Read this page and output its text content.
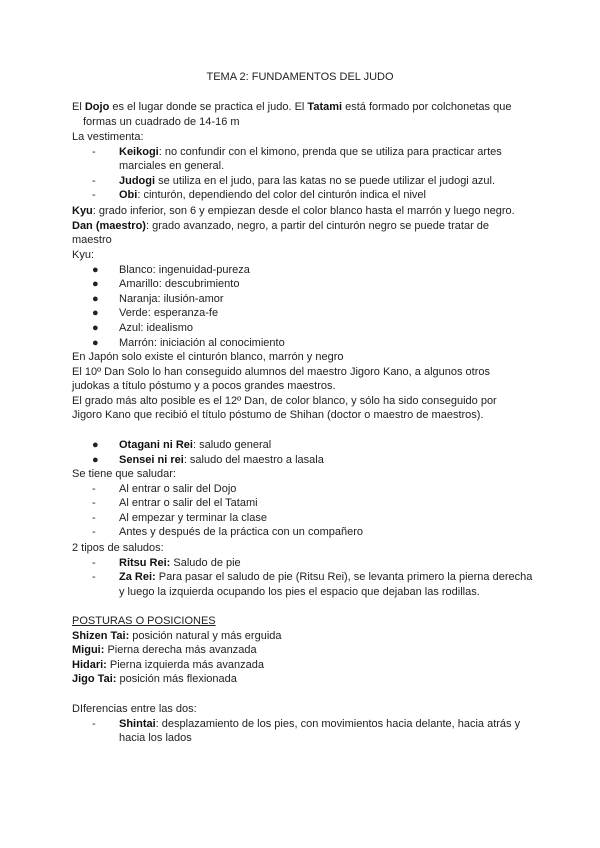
TEMA 2: FUNDAMENTOS DEL JUDO
El Dojo es el lugar donde se practica el judo. El Tatami está formado por colchonetas que
formas un cuadrado de 14-16 m
La vestimenta:
- Keikogi: no confundir con el kimono, prenda que se utiliza para practicar artes
marciales en general.
- Judogi se utiliza en el judo, para las katas no se puede utilizar el judogi azul.
- Obi: cinturón, dependiendo del color del cinturón indica el nivel
Kyu: grado inferior, son 6 y empiezan desde el color blanco hasta el marrón y luego negro.
Dan (maestro): grado avanzado, negro, a partir del cinturón negro se puede tratar de
maestro
Kyu:
● Blanco: ingenuidad-pureza
● Amarillo: descubrimiento
● Naranja: ilusión-amor
● Verde: esperanza-fe
● Azul: idealismo
● Marrón: iniciación al conocimiento
En Japón solo existe el cinturón blanco, marrón y negro
El 10º Dan Solo lo han conseguido alumnos del maestro Jigoro Kano, a algunos otros
judokas a título póstumo y a pocos grandes maestros.
El grado más alto posible es el 12º Dan, de color blanco, y sólo ha sido conseguido por
Jigoro Kano que recibió el título póstumo de Shihan (doctor o maestro de maestros).
● Otagani ni Rei: saludo general
● Sensei ni rei: saludo del maestro a lasala
Se tiene que saludar:
- Al entrar o salir del Dojo
- Al entrar o salir del el Tatami
- Al empezar y terminar la clase
- Antes y después de la práctica con un compañero
2 tipos de saludos:
- Ritsu Rei: Saludo de pie
- Za Rei: Para pasar el saludo de pie (Ritsu Rei), se levanta primero la pierna derecha
y luego la izquierda ocupando los pies el espacio que dejaban las rodillas.
POSTURAS O POSICIONES
Shizen Tai: posición natural y más erguida
Migui: Pierna derecha más avanzada
Hidari: Pierna izquierda más avanzada
Jigo Tai: posición más flexionada
DIferencias entre las dos:
- Shintai: desplazamiento de los pies, con movimientos hacia delante, hacia atrás y
hacia los lados
